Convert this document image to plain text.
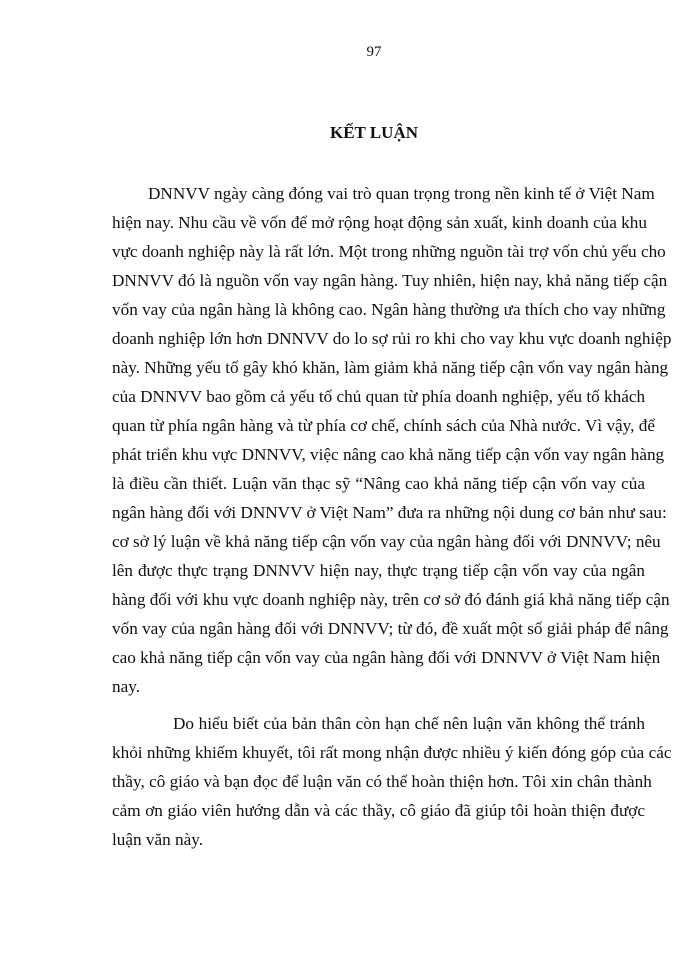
97

KẾT LUẬN
DNNVV ngày càng đóng vai trò quan trọng trong nền kinh tế ở Việt Nam
hiện nay. Nhu cầu về vốn để mở rộng hoạt động sản xuất, kinh doanh của khu
vực doanh nghiệp này là rất lớn. Một trong những nguồn tài trợ vốn chủ yếu cho
DNNVV đó là nguồn vốn vay ngân hàng. Tuy nhiên, hiện nay, khả năng tiếp cận
vốn vay của ngân hàng là không cao. Ngân hàng thường ưa thích cho vay những
doanh nghiệp lớn hơn DNNVV do lo sợ rủi ro khi cho vay khu vực doanh nghiệp
này. Những yếu tố gây khó khăn, làm giảm khả năng tiếp cận vốn vay ngân hàng
của DNNVV bao gồm cả yếu tố chủ quan từ phía doanh nghiệp, yếu tố khách
quan từ phía ngân hàng và từ phía cơ chế, chính sách của Nhà nước. Vì vậy, để
phát triển khu vực DNNVV, việc nâng cao khả năng tiếp cận vốn vay ngân hàng
là điều cần thiết. Luận văn thạc sỹ “Nâng cao khả năng tiếp cận vốn vay của
ngân hàng đối với DNNVV ở Việt Nam” đưa ra những nội dung cơ bản như sau:
cơ sở lý luận về khả năng tiếp cận vốn vay của ngân hàng đối với DNNVV; nêu
lên được thực trạng DNNVV hiện nay, thực trạng tiếp cận vốn vay của ngân
hàng đối với khu vực doanh nghiệp này, trên cơ sở đó đánh giá khả năng tiếp cận
vốn vay của ngân hàng đối với DNNVV; từ đó, đề xuất một số giải pháp để nâng
cao khả năng tiếp cận vốn vay của ngân hàng đối với DNNVV ở Việt Nam hiện
nay.
Do hiểu biết của bản thân còn hạn chế nên luận văn không thể tránh
khỏi những khiếm khuyết, tôi rất mong nhận được nhiều ý kiến đóng góp của các
thầy, cô giáo và bạn đọc để luận văn có thể hoàn thiện hơn. Tôi xin chân thành
cảm ơn giáo viên hướng dẫn và các thầy, cô giáo đã giúp tôi hoàn thiện được
luận văn này.
